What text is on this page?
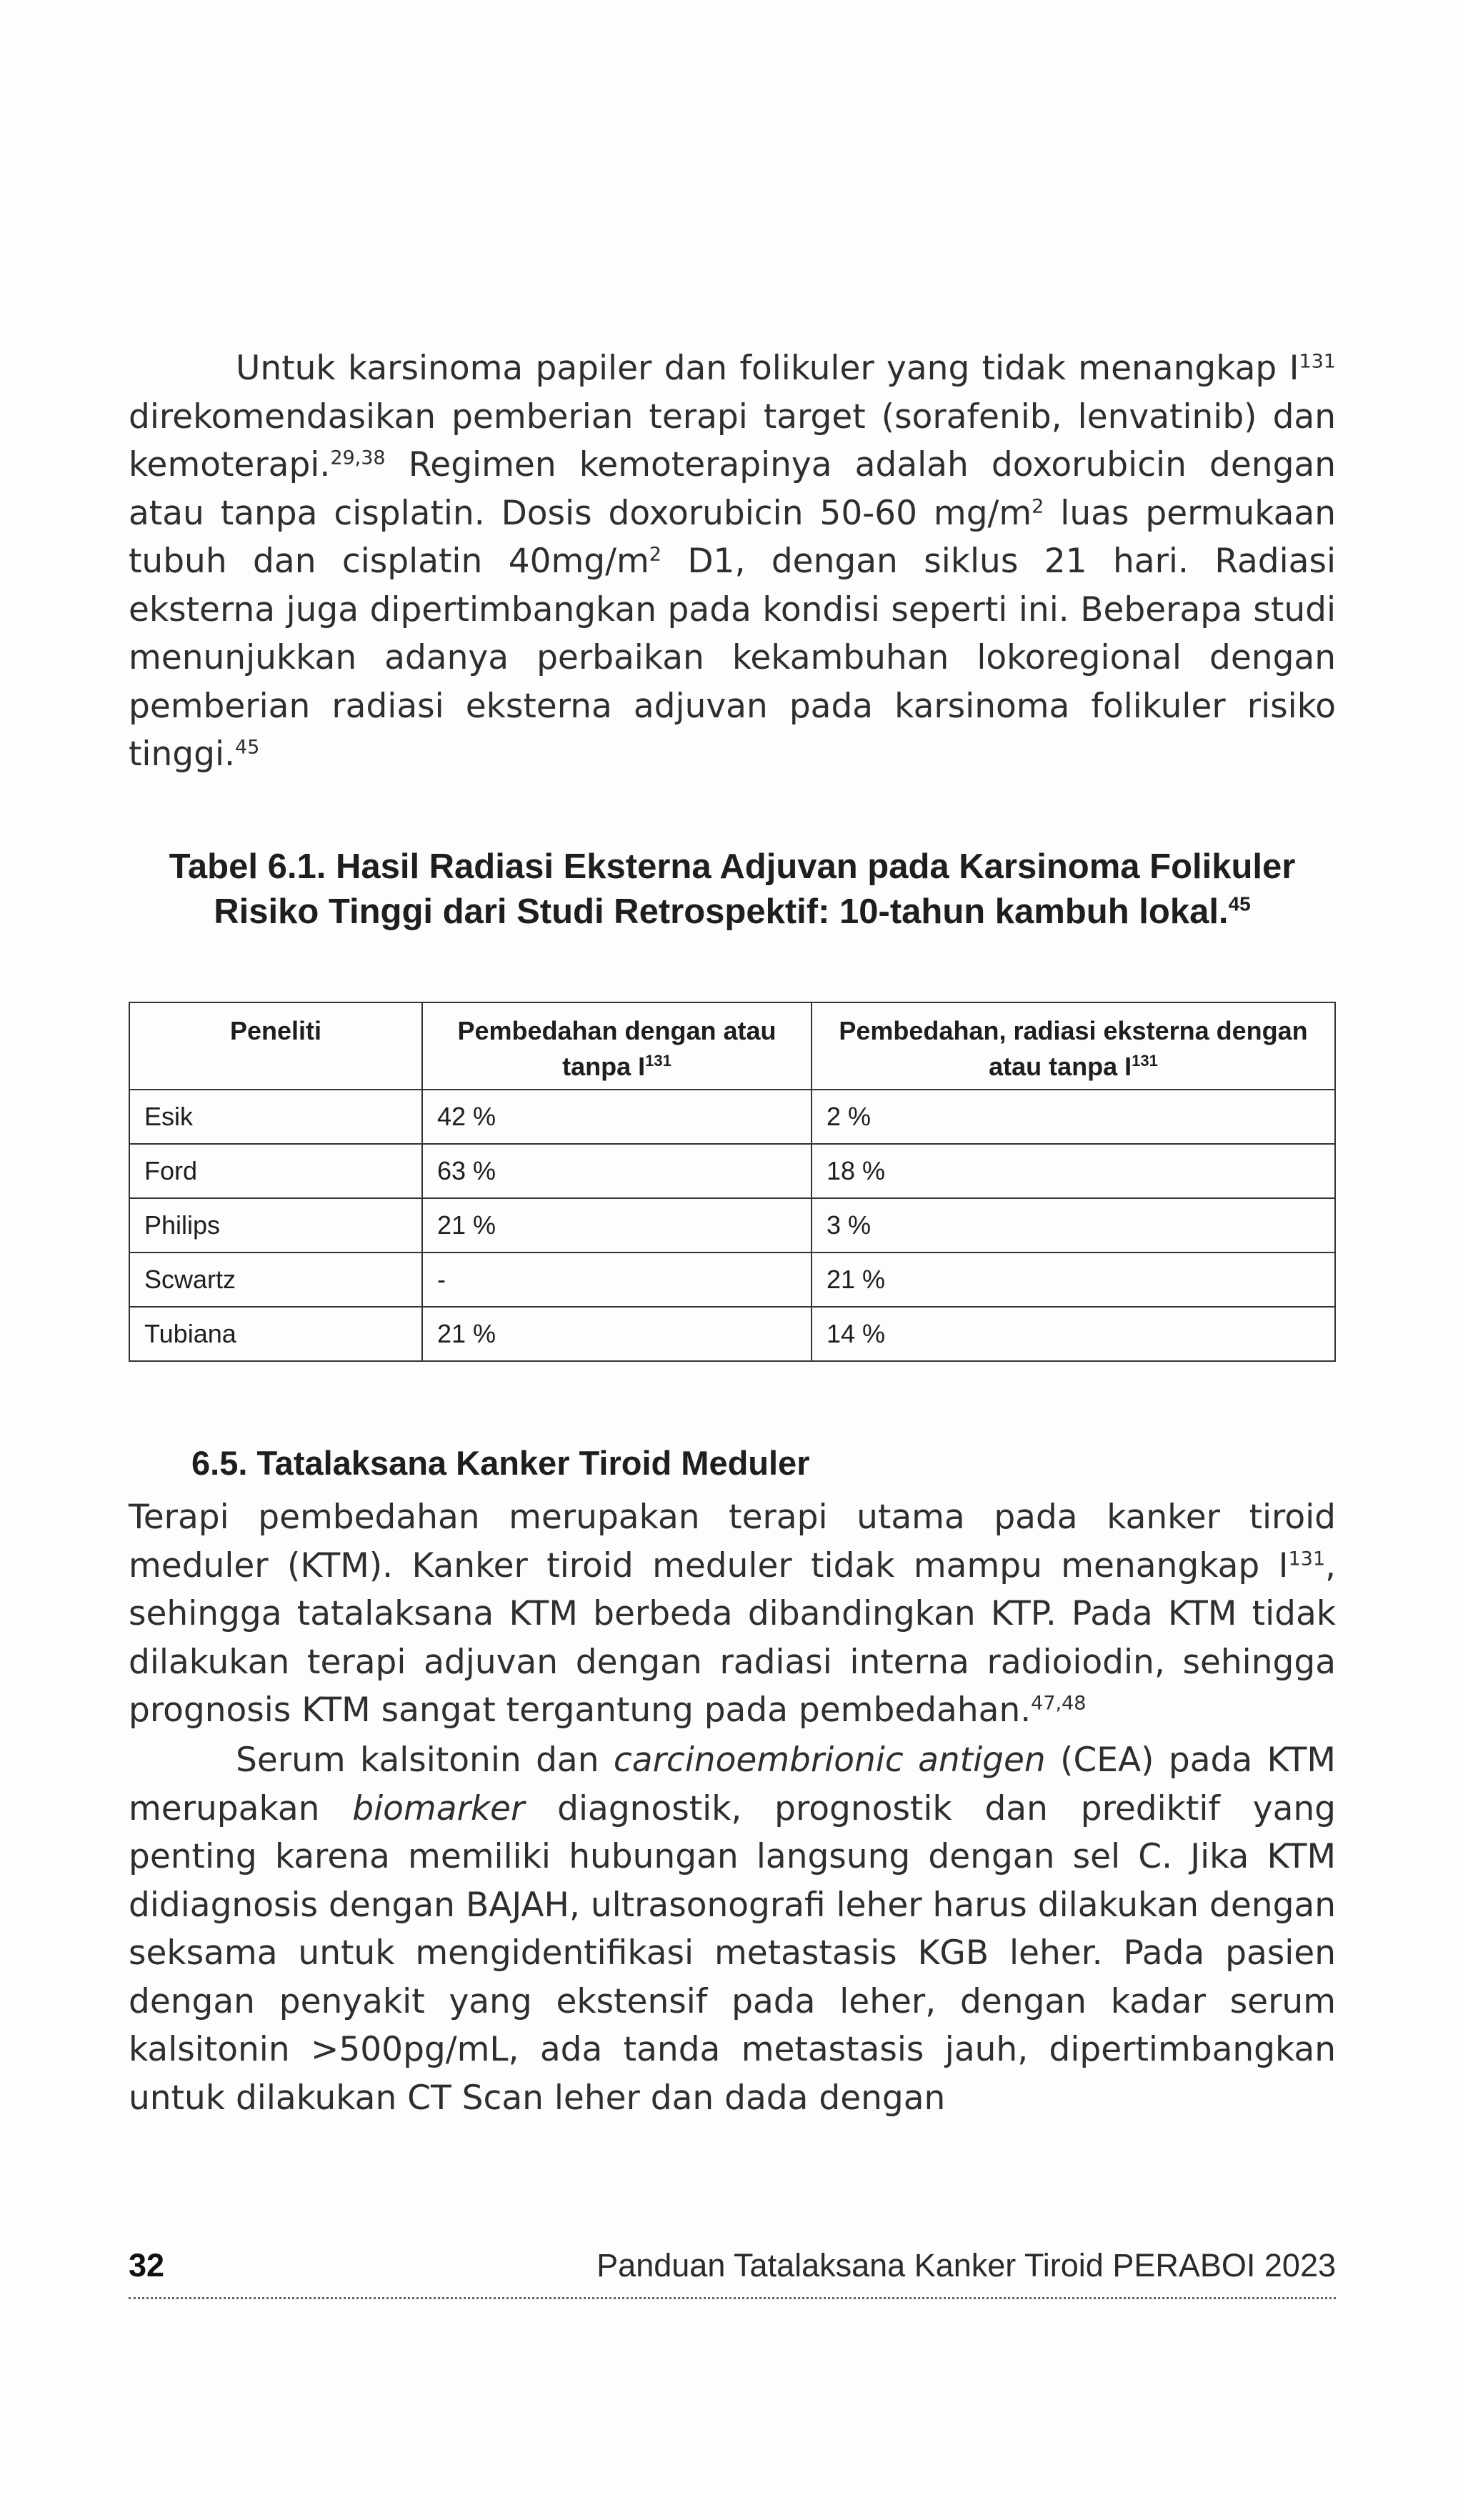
Untuk karsinoma papiler dan folikuler yang tidak menangkap $I^{131}$ direkomendasikan pemberian terapi target (sorafenib, lenvatinib) dan kemoterapi.$^{29,38}$ Regimen kemoterapinya adalah doxorubicin dengan atau tanpa cisplatin. Dosis doxorubicin 50-60 $mg/m^2$ luas permukaan tubuh dan cisplatin $40mg/m^2$ D1, dengan siklus 21 hari. Radiasi eksterna juga dipertimbangkan pada kondisi seperti ini. Beberapa studi menunjukkan adanya perbaikan kekambuhan lokoregional dengan pemberian radiasi eksterna adjuvan pada karsinoma folikuler risiko tinggi.$^{45}$

Tabel 6.1. Hasil Radiasi Eksterna Adjuvan pada Karsinoma Folikuler Risiko Tinggi dari Studi Retrospektif: 10-tahun kambuh lokal.$^{45}$

Peneliti	Pembedahan dengan atau tanpa $I^{131}$	Pembedahan, radiasi eksterna dengan atau tanpa $I^{131}$
Esik	42 %	2 %
Ford	63 %	18 %
Philips	21 %	3 %
Scwartz	-	21 %
Tubiana	21 %	14 %
6.5. Tatalaksana Kanker Tiroid Meduler

Terapi pembedahan merupakan terapi utama pada kanker tiroid meduler (KTM). Kanker tiroid meduler tidak mampu menangkap $I^{131}$, sehingga tatalaksana KTM berbeda dibandingkan KTP. Pada KTM tidak dilakukan terapi adjuvan dengan radiasi interna radioiodin, sehingga prognosis KTM sangat tergantung pada pembedahan.$^{47,48}$

Serum kalsitonin dan carcinoembrionic antigen (CEA) pada KTM merupakan biomarker diagnostik, prognostik dan prediktif yang penting karena memiliki hubungan langsung dengan sel C. Jika KTM didiagnosis dengan BAJAH, ultrasonografi leher harus dilakukan dengan seksama untuk mengidentifikasi metastasis KGB leher. Pada pasien dengan penyakit yang ekstensif pada leher, dengan kadar serum kalsitonin >500pg/mL, ada tanda metastasis jauh, dipertimbangkan untuk dilakukan CT Scan leher dan dada dengan

32	Panduan Tatalaksana Kanker Tiroid PERABOI 2023
